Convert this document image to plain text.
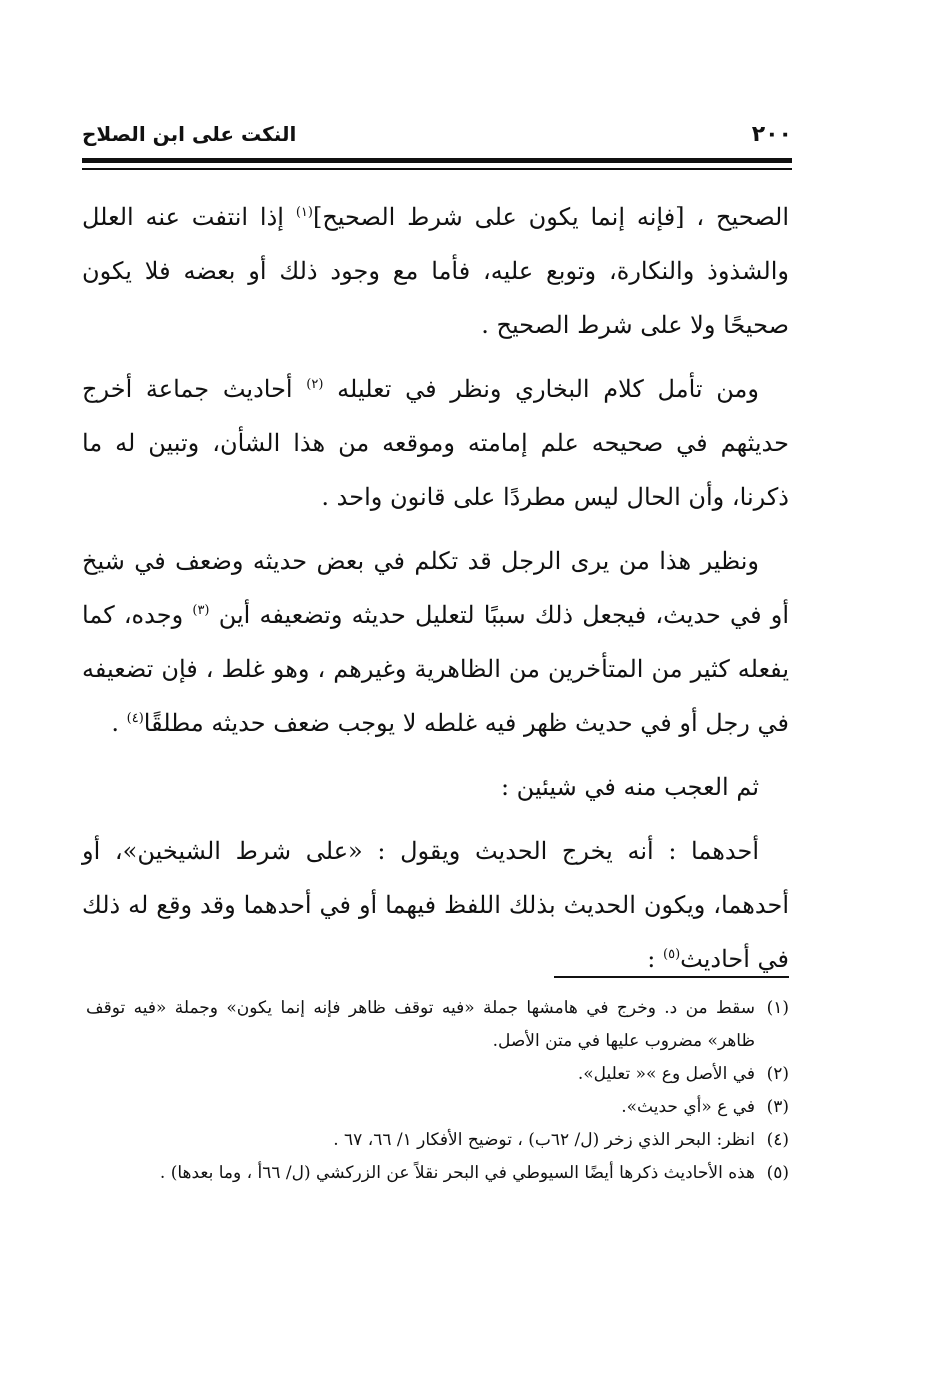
٢٠٠
النكت على ابن الصلاح

الصحيح ، [فإنه إنما يكون على شرط الصحيح]$^{(١)}$ إذا انتفت عنه العلل والشذوذ والنكارة، وتوبع عليه، فأما مع وجود ذلك أو بعضه فلا يكون صحيحًا ولا على شرط الصحيح .

ومن تأمل كلام البخاري ونظر في تعليله $^{(٢)}$ أحاديث جماعة أخرج حديثهم في صحيحه علم إمامته وموقعه من هذا الشأن، وتبين له ما ذكرنا، وأن الحال ليس مطردًا على قانون واحد .

ونظير هذا من يرى الرجل قد تكلم في بعض حديثه وضعف في شيخ أو في حديث، فيجعل ذلك سببًا لتعليل حديثه وتضعيفه أين $^{(٣)}$ وجده، كما يفعله كثير من المتأخرين من الظاهرية وغيرهم ، وهو غلط ، فإن تضعيفه في رجل أو في حديث ظهر فيه غلطه لا يوجب ضعف حديثه مطلقًا$^{(٤)}$ .

ثم العجب منه في شيئين :

أحدهما : أنه يخرج الحديث ويقول : «على شرط الشيخين»، أو أحدهما، ويكون الحديث بذلك اللفظ فيهما أو في أحدهما وقد وقع له ذلك في أحاديث$^{(٥)}$ :

(١)
سقط من د. وخرج في هامشها جملة «فيه توقف ظاهر فإنه إنما يكون» وجملة «فيه توقف ظاهر» مضروب عليها في متن الأصل.
(٢)
في الأصل وع »« تعليل».
(٣)
في ع «أي حديث».
(٤)
انظر: البحر الذي زخر (ل/ ٦٢ب) ، توضيح الأفكار ١/ ٦٦، ٦٧ .
(٥)
هذه الأحاديث ذكرها أيضًا السيوطي في البحر نقلاً عن الزركشي (ل/ ٦٦أ ، وما بعدها) .
